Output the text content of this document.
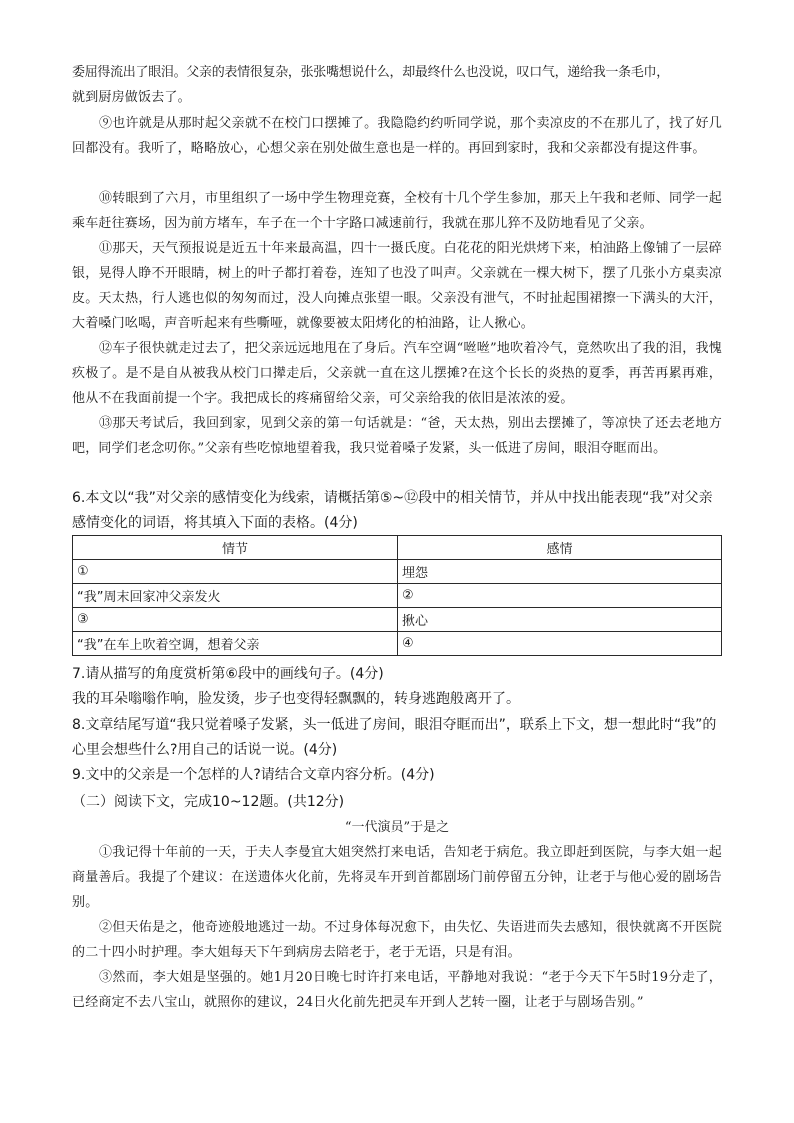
委屈得流出了眼泪。父亲的表情很复杂，张张嘴想说什么，却最终什么也没说，叹口气，递给我一条毛巾，
就到厨房做饭去了。
⑨也许就是从那时起父亲就不在校门口摆摊了。我隐隐约约听同学说，那个卖凉皮的不在那儿了，找了好几回都没有。我听了，略略放心，心想父亲在别处做生意也是一样的。再回到家时，我和父亲都没有提这件事。
⑩转眼到了六月，市里组织了一场中学生物理竞赛，全校有十几个学生参加，那天上午我和老师、同学一起乘车赶往赛场，因为前方堵车，车子在一个十字路口减速前行，我就在那儿猝不及防地看见了父亲。
⑪那天，天气预报说是近五十年来最高温，四十一摄氏度。白花花的阳光烘烤下来，柏油路上像铺了一层碎银，晃得人睁不开眼睛，树上的叶子都打着卷，连知了也没了叫声。父亲就在一棵大树下，摆了几张小方桌卖凉皮。天太热，行人逃也似的匆匆而过，没人向摊点张望一眼。父亲没有泄气，不时扯起围裙擦一下满头的大汗，大着嗓门吆喝，声音听起来有些嘶哑，就像要被太阳烤化的柏油路，让人揪心。
⑫车子很快就走过去了，把父亲远远地甩在了身后。汽车空调“咝咝”地吹着冷气，竟然吹出了我的泪，我愧疚极了。是不是自从被我从校门口撵走后，父亲就一直在这儿摆摊?在这个长长的炎热的夏季，再苦再累再难，他从不在我面前提一个字。我把成长的疼痛留给父亲，可父亲给我的依旧是浓浓的爱。
⑬那天考试后，我回到家，见到父亲的第一句话就是：“爸，天太热，别出去摆摊了，等凉快了还去老地方吧，同学们老念叨你。”父亲有些吃惊地望着我，我只觉着嗓子发紧，头一低进了房间，眼泪夺眶而出。
6.本文以“我”对父亲的感情变化为线索，请概括第⑤~⑫段中的相关情节，并从中找出能表现“我”对父亲感情变化的词语，将其填入下面的表格。(4分)
情节	感情
①	埋怨
“我”周末回家冲父亲发火	②
③	揪心
“我”在车上吹着空调，想着父亲	④
7.请从描写的角度赏析第⑥段中的画线句子。(4分)
我的耳朵嗡嗡作响，脸发烫，步子也变得轻飘飘的，转身逃跑般离开了。
8.文章结尾写道“我只觉着嗓子发紧，头一低进了房间，眼泪夺眶而出”，联系上下文，想一想此时“我”的心里会想些什么?用自己的话说一说。(4分)
9.文中的父亲是一个怎样的人?请结合文章内容分析。(4分)
（二）阅读下文，完成10~12题。(共12分)
“一代演员”于是之
①我记得十年前的一天，于夫人李曼宜大姐突然打来电话，告知老于病危。我立即赶到医院，与李大姐一起商量善后。我提了个建议：在送遗体火化前，先将灵车开到首都剧场门前停留五分钟，让老于与他心爱的剧场告别。
②但天佑是之，他奇迹般地逃过一劫。不过身体每况愈下，由失忆、失语进而失去感知，很快就离不开医院的二十四小时护理。李大姐每天下午到病房去陪老于，老于无语，只是有泪。
③然而，李大姐是坚强的。她1月20日晚七时许打来电话，平静地对我说：“老于今天下午5时19分走了，已经商定不去八宝山，就照你的建议，24日火化前先把灵车开到人艺转一圈，让老于与剧场告别。”
